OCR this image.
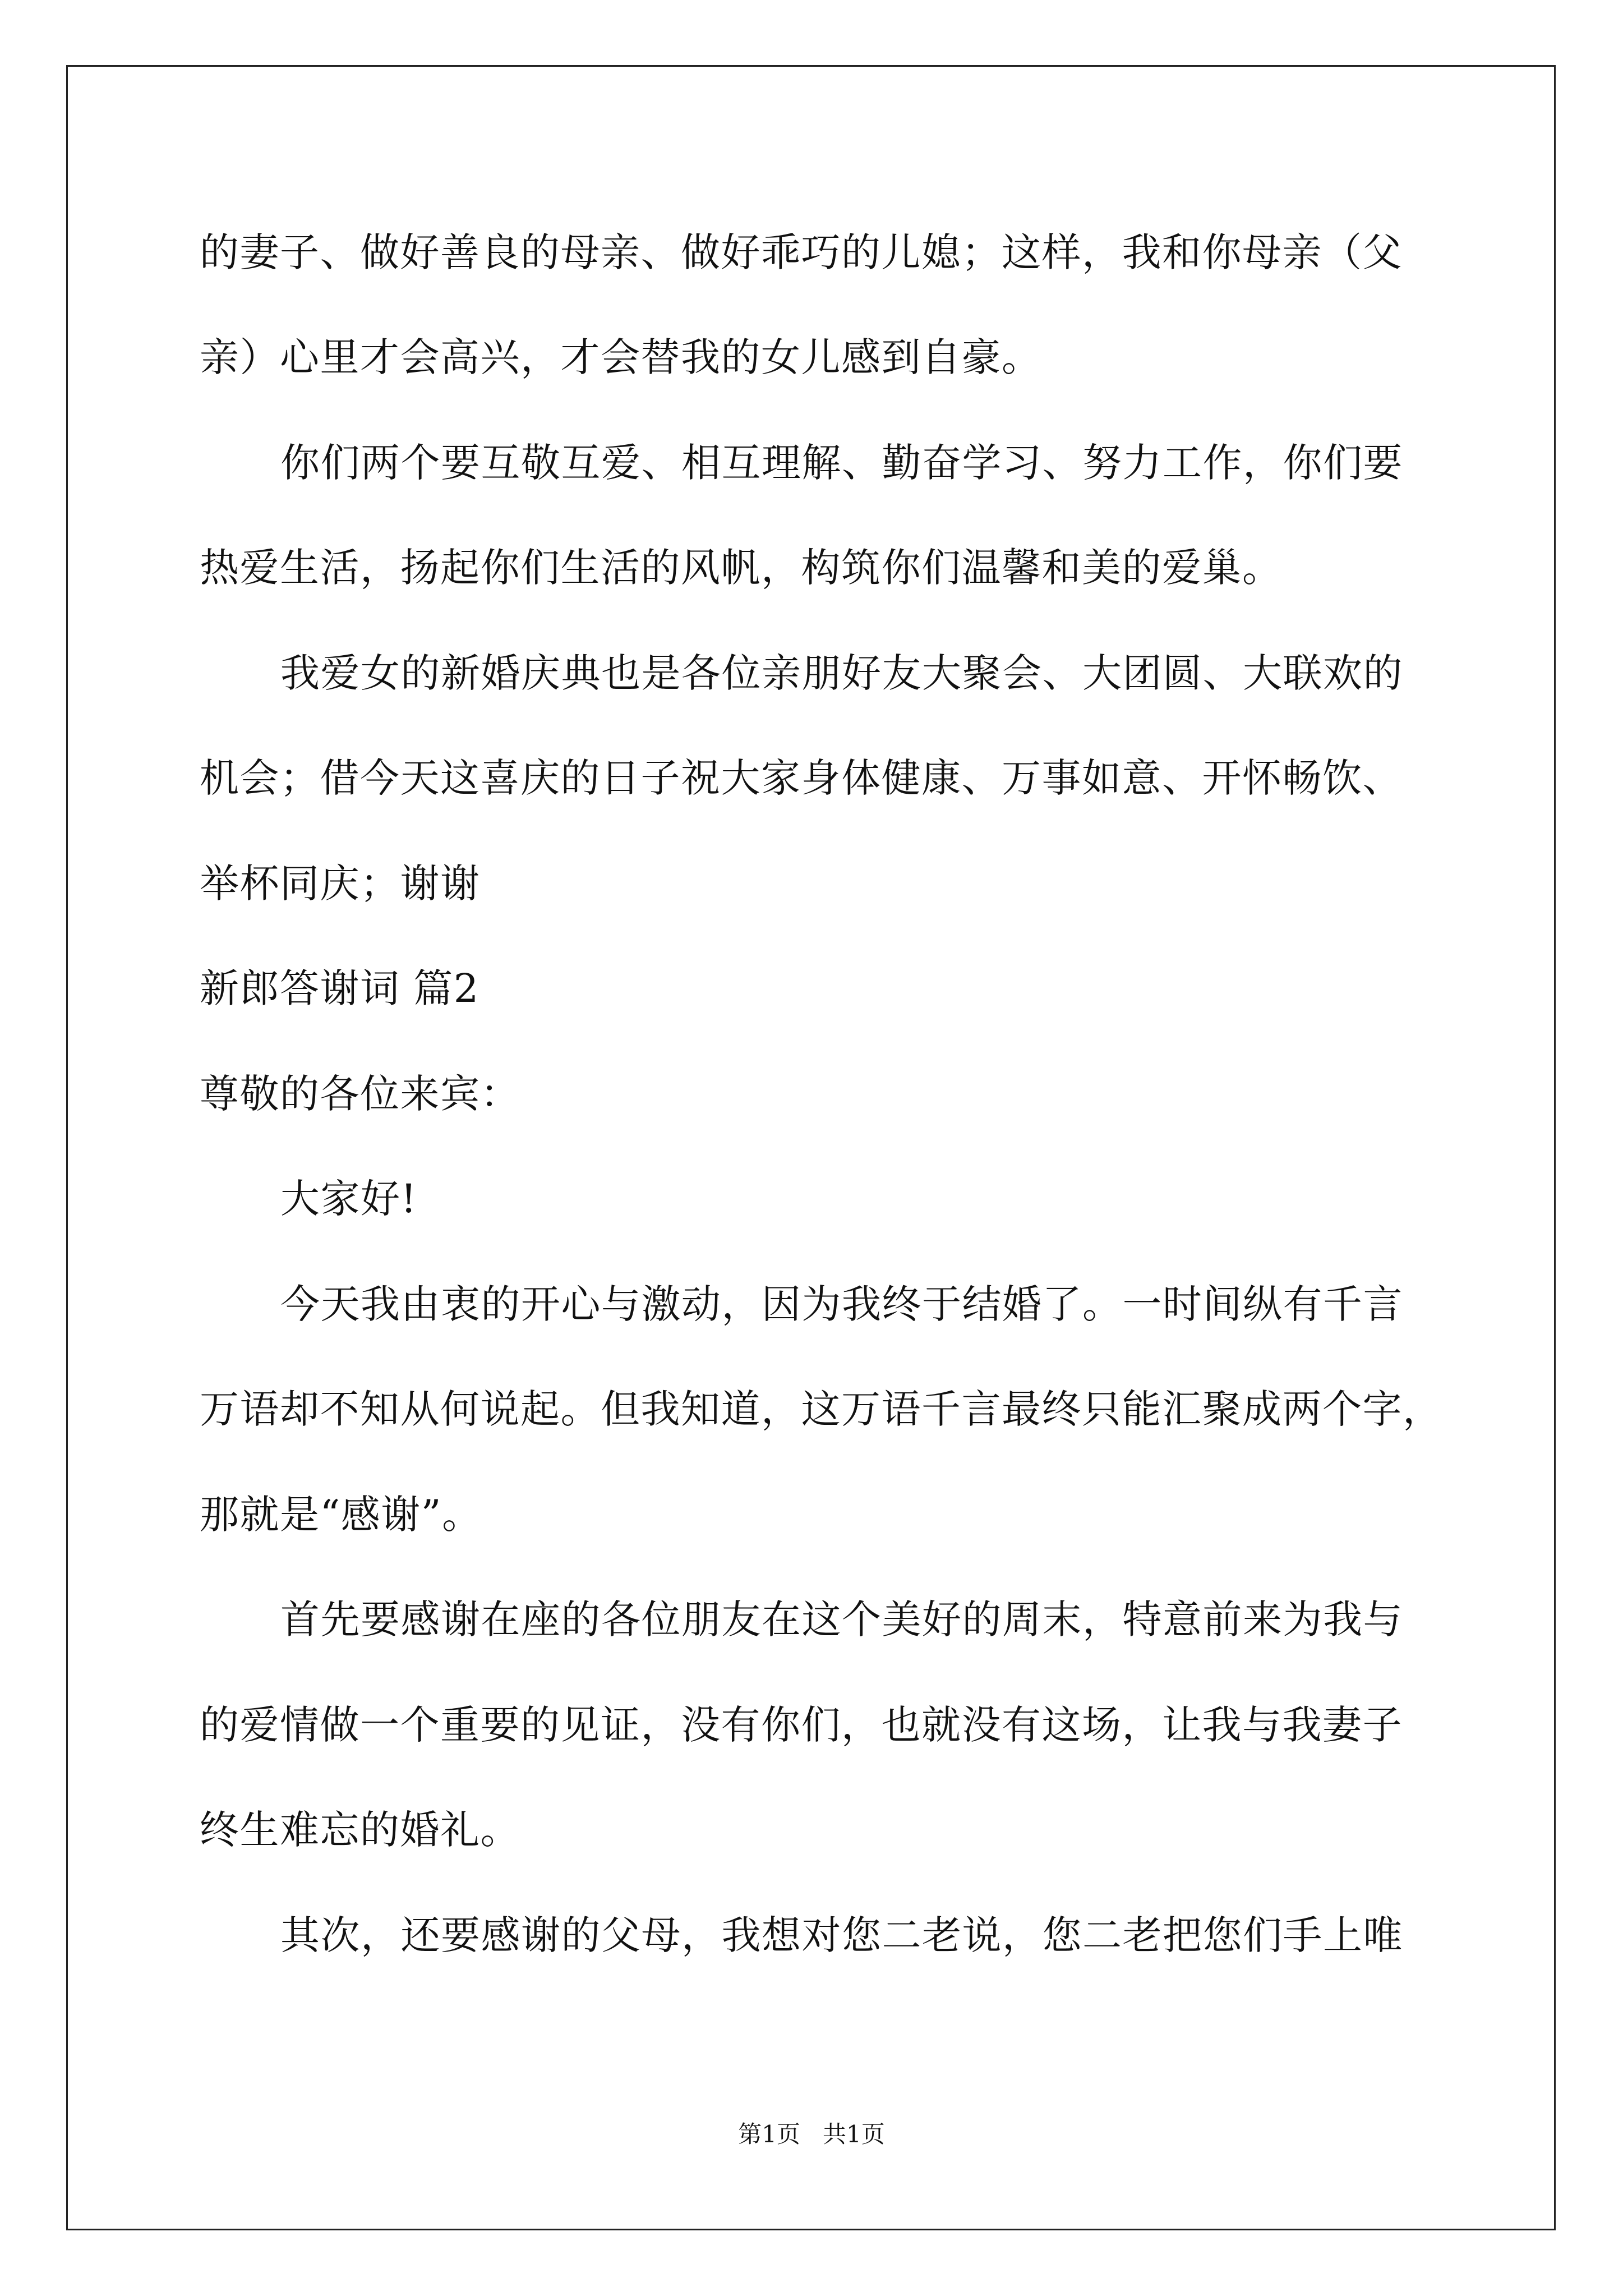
的妻子、做好善良的母亲、做好乖巧的儿媳；这样，我和你母亲（父
亲）心里才会高兴，才会替我的女儿感到自豪。
你们两个要互敬互爱、相互理解、勤奋学习、努力工作，你们要
热爱生活，扬起你们生活的风帆，构筑你们温馨和美的爱巢。
我爱女的新婚庆典也是各位亲朋好友大聚会、大团圆、大联欢的
机会；借今天这喜庆的日子祝大家身体健康、万事如意、开怀畅饮、
举杯同庆；谢谢
新郎答谢词 篇2
尊敬的各位来宾：
大家好!
今天我由衷的开心与激动，因为我终于结婚了。一时间纵有千言
万语却不知从何说起。但我知道，这万语千言最终只能汇聚成两个字，
那就是“感谢”。
首先要感谢在座的各位朋友在这个美好的周末，特意前来为我与
的爱情做一个重要的见证，没有你们，也就没有这场，让我与我妻子
终生难忘的婚礼。
其次，还要感谢的父母，我想对您二老说，您二老把您们手上唯
第1页 共1页
